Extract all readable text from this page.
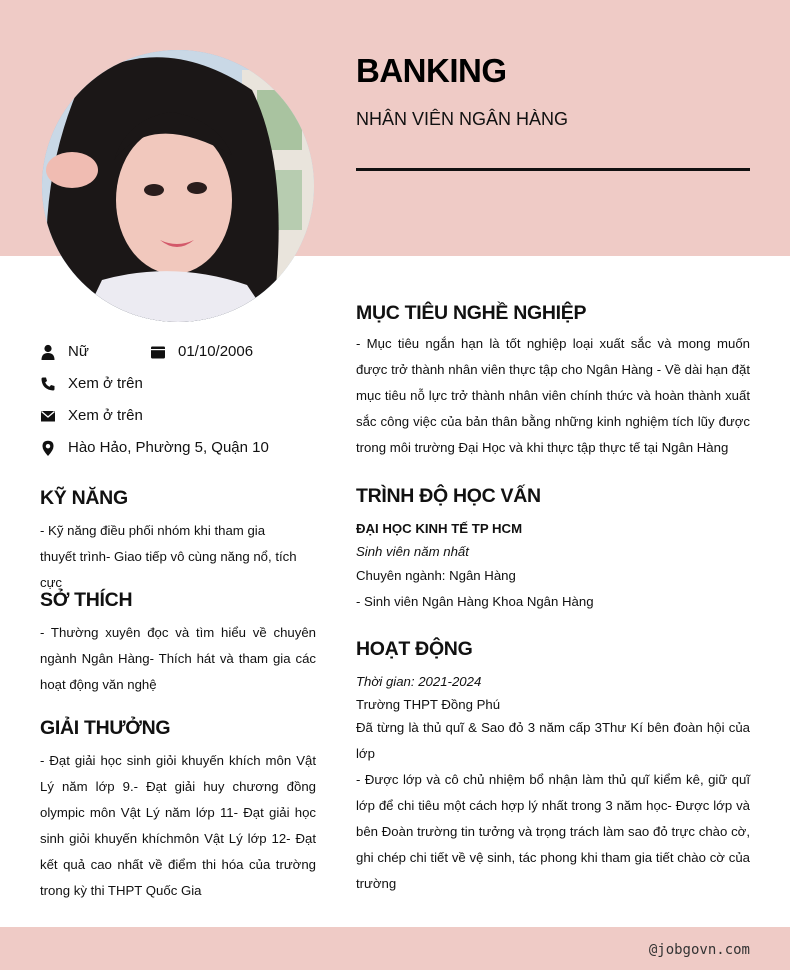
BANKING
NHÂN VIÊN NGÂN HÀNG
Nữ	01/10/2006
Xem ở trên
Xem ở trên
Hào Hảo, Phường 5, Quận 10
KỸ NĂNG
- Kỹ năng điều phối nhóm khi tham gia thuyết trình- Giao tiếp vô cùng năng nổ, tích cực
SỞ THÍCH
- Thường xuyên đọc và tìm hiểu về chuyên ngành Ngân Hàng- Thích hát và tham gia các hoạt động văn nghệ
GIẢI THƯỞNG
- Đạt giải học sinh giỏi khuyến khích môn Vật Lý năm lớp 9.- Đạt giải huy chương đồng olympic môn Vật Lý năm lớp 11- Đạt giải học sinh giỏi khuyến khíchmôn Vật Lý lớp 12- Đạt kết quả cao nhất về điểm thi hóa của trường trong kỳ thi THPT Quốc Gia
MỤC TIÊU NGHỀ NGHIỆP
- Mục tiêu ngắn hạn là tốt nghiệp loại xuất sắc và mong muốn được trở thành nhân viên thực tập cho Ngân Hàng - Về dài hạn đặt mục tiêu nỗ lực trở thành nhân viên chính thức và hoàn thành xuất sắc công việc của bản thân bằng những kinh nghiệm tích lũy được trong môi trường Đại Học và khi thực tập thực tế tại Ngân Hàng
TRÌNH ĐỘ HỌC VẤN
ĐẠI HỌC KINH TẾ TP HCM
Sinh viên năm nhất
Chuyên ngành: Ngân Hàng
- Sinh viên Ngân Hàng Khoa Ngân Hàng
HOẠT ĐỘNG
Thời gian: 2021-2024
Trường THPT Đồng Phú
Đã từng là thủ quĩ & Sao đỏ 3 năm cấp 3Thư Kí bên đoàn hội của lớp
- Được lớp và cô chủ nhiệm bổ nhận làm thủ quĩ kiểm kê, giữ quĩ lớp để chi tiêu một cách hợp lý nhất trong 3 năm học- Được lớp và bên Đoàn trường tin tưởng và trọng trách làm sao đỏ trực chào cờ, ghi chép chi tiết về vệ sinh, tác phong khi tham gia tiết chào cờ của trường
@jobgovn.com
